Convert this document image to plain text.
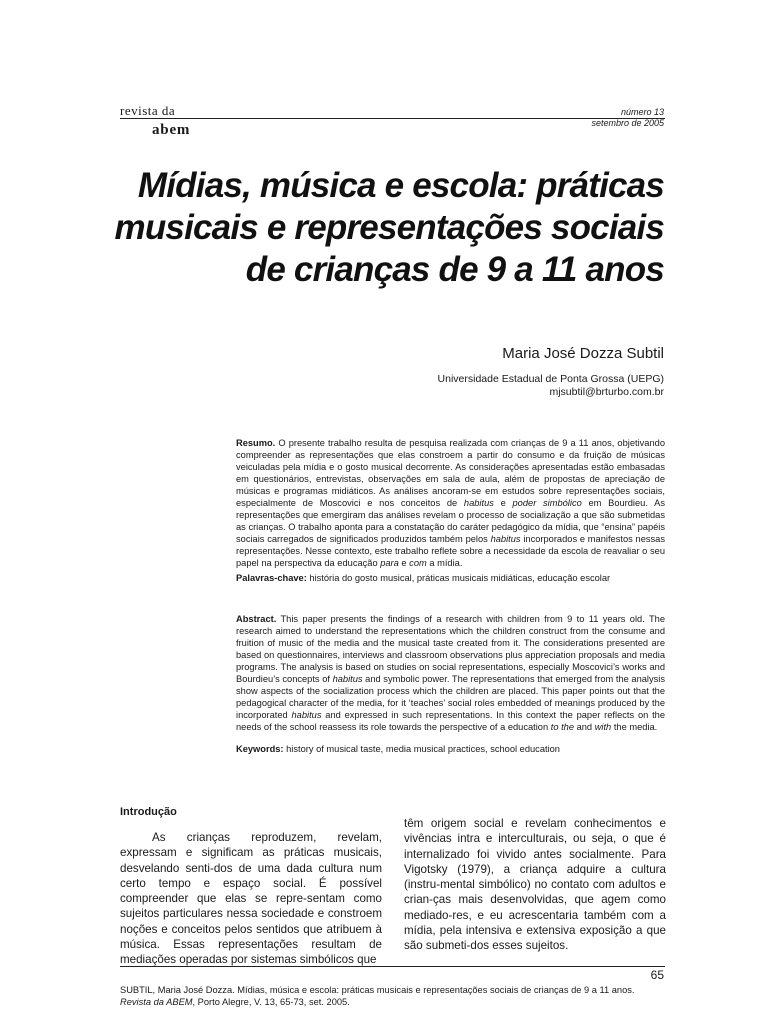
revista da
abem
número 13
setembro de 2005
Mídias, música e escola: práticas
musicais e representações sociais
de crianças de 9 a 11 anos
Maria José Dozza Subtil
Universidade Estadual de Ponta Grossa (UEPG)
mjsubtil@brturbo.com.br
Resumo. O presente trabalho resulta de pesquisa realizada com crianças de 9 a 11 anos, objetivando compreender as representações que elas constroem a partir do consumo e da fruição de músicas veiculadas pela mídia e o gosto musical decorrente. As considerações apresentadas estão embasadas em questionários, entrevistas, observações em sala de aula, além de propostas de apreciação de músicas e programas midiáticos. As análises ancoram-se em estudos sobre representações sociais, especialmente de Moscovici e nos conceitos de habitus e poder simbólico em Bourdieu. As representações que emergiram das análises revelam o processo de socialização a que são submetidas as crianças. O trabalho aponta para a constatação do caráter pedagógico da mídia, que “ensina” papéis sociais carregados de significados produzidos também pelos habitus incorporados e manifestos nessas representações. Nesse contexto, este trabalho reflete sobre a necessidade da escola de reavaliar o seu papel na perspectiva da educação para e com a mídia.
Palavras-chave: história do gosto musical, práticas musicais midiáticas, educação escolar
Abstract. This paper presents the findings of a research with children from 9 to 11 years old. The research aimed to understand the representations which the children construct from the consume and fruition of music of the media and the musical taste created from it. The considerations presented are based on questionnaires, interviews and classroom observations plus appreciation proposals and media programs. The analysis is based on studies on social representations, especially Moscovici’s works and Bourdieu’s concepts of habitus and symbolic power. The representations that emerged from the analysis show aspects of the socialization process which the children are placed. This paper points out that the pedagogical character of the media, for it ‘teaches’ social roles embedded of meanings produced by the incorporated habitus and expressed in such representations. In this context the paper reflects on the needs of the school reassess its role towards the perspective of a education to the and with the media.
Keywords: history of musical taste, media musical practices, school education
Introdução
As crianças reproduzem, revelam, expressam e significam as práticas musicais, desvelando senti-dos de uma dada cultura num certo tempo e espaço social. É possível compreender que elas se repre-sentam como sujeitos particulares nessa sociedade e constroem noções e conceitos pelos sentidos que atribuem à música. Essas representações resultam de mediações operadas por sistemas simbólicos que
têm origem social e revelam conhecimentos e vivências intra e interculturais, ou seja, o que é internalizado foi vivido antes socialmente. Para Vigotsky (1979), a criança adquire a cultura (instru-mental simbólico) no contato com adultos e crian-ças mais desenvolvidas, que agem como mediado-res, e eu acrescentaria também com a mídia, pela intensiva e extensiva exposição a que são submeti-dos esses sujeitos.
65
SUBTIL, Maria José Dozza. Mídias, música e escola: práticas musicais e representações sociais de crianças de 9 a 11 anos. Revista da ABEM, Porto Alegre, V. 13, 65-73, set. 2005.
